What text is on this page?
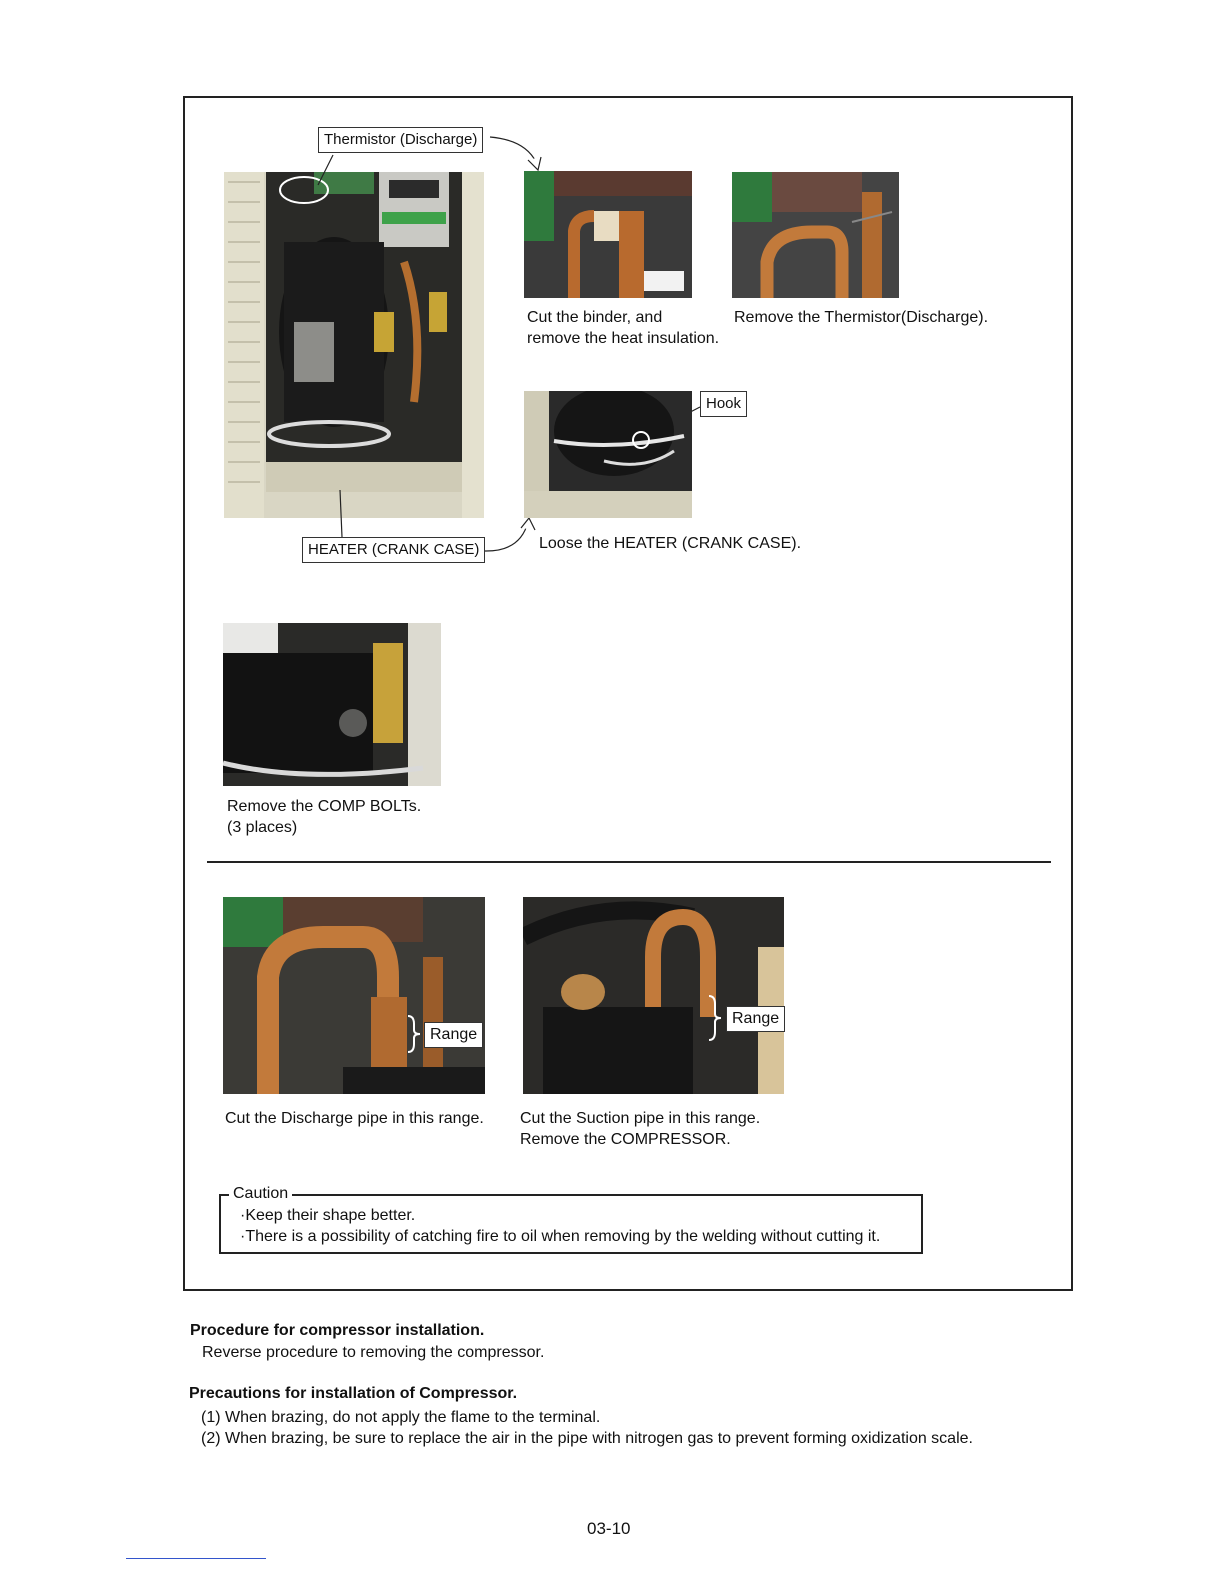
Thermistor (Discharge)
Cut the binder, and
remove the heat insulation.
Remove the Thermistor(Discharge).
Hook
HEATER (CRANK CASE)	Loose the HEATER (CRANK CASE).
Remove the COMP BOLTs.
(3 places)
Range
Range
Cut the Discharge pipe in this range. Cut the Suction pipe in this range.
Remove the COMPRESSOR.
Caution
·Keep their shape better.
·There is a possibility of catching fire to oil when removing by the welding without cutting it.
Procedure for compressor installation.
Reverse procedure to removing the compressor.
Precautions for installation of Compressor.
(1) When brazing, do not apply the flame to the terminal.
(2) When brazing, be sure to replace the air in the pipe with nitrogen gas to prevent forming oxidization scale.
03-10
